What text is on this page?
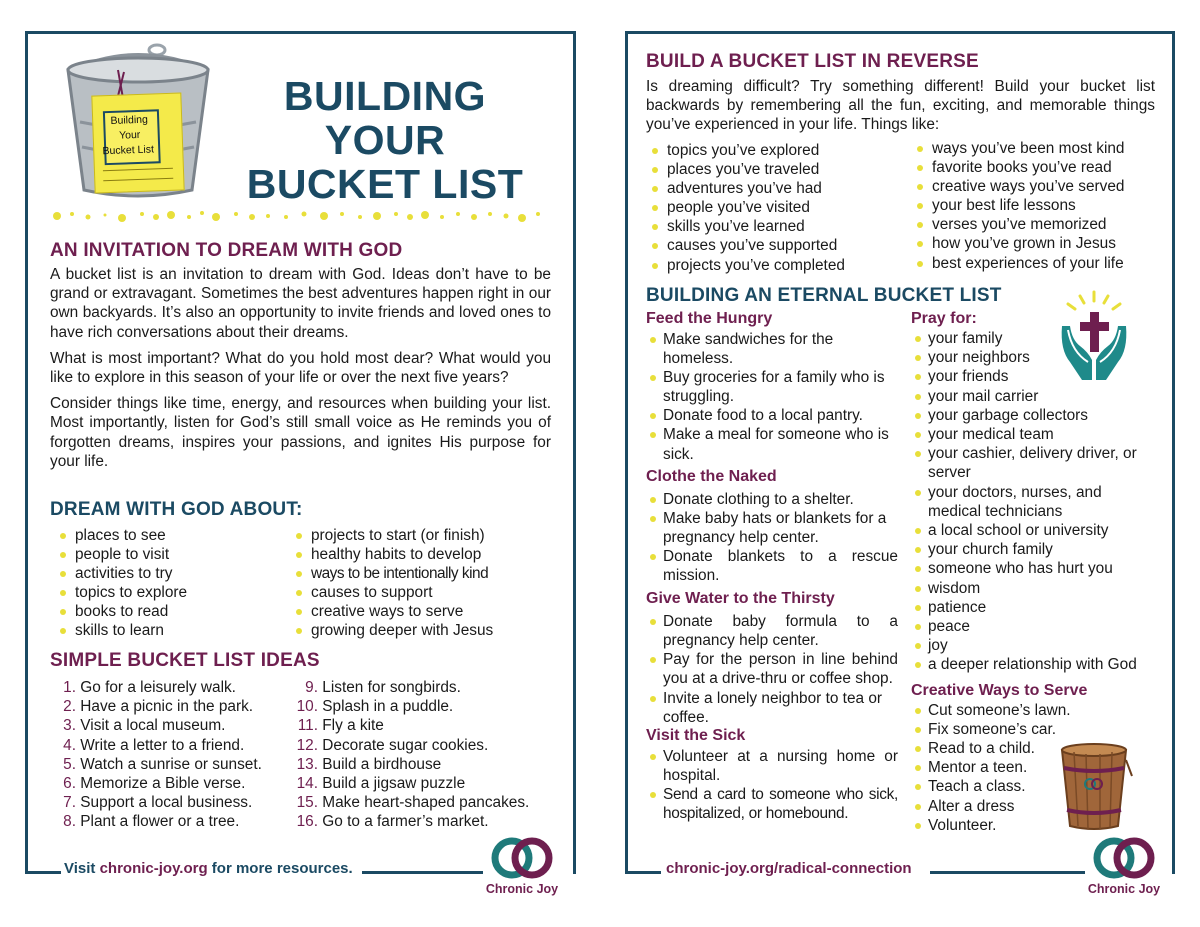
Building
Your
Bucket List
BUILDING YOUR
BUCKET LIST
AN INVITATION TO DREAM WITH GOD

A bucket list is an invitation to dream with God. Ideas don’t have to be grand or extravagant. Sometimes the best adventures happen right in our own backyards. It’s also an opportunity to invite friends and loved ones to have rich conversations about their dreams.

What is most important? What do you hold most dear? What would you like to explore in this season of your life or over the next five years?

Consider things like time, energy, and resources when building your list. Most importantly, listen for God’s still small voice as He reminds you of forgotten dreams, inspires your passions, and ignites His purpose for your life.

DREAM WITH GOD ABOUT:
places to see
people to visit
activities to try
topics to explore
books to read
skills to learn
projects to start (or finish)
healthy habits to develop
ways to be intentionally kind
causes to support
creative ways to serve
growing deeper with Jesus
SIMPLE BUCKET LIST IDEAS
1. Go for a leisurely walk.
2. Have a picnic in the park.
3. Visit a local museum.
4. Write a letter to a friend.
5. Watch a sunrise or sunset.
6. Memorize a Bible verse.
7. Support a local business.
8. Plant a flower or a tree.
9. Listen for songbirds.
10. Splash in a puddle.
11. Fly a kite
12. Decorate sugar cookies.
13. Build a birdhouse
14. Build a jigsaw puzzle
15. Make heart-shaped pancakes.
16. Go to a farmer’s market.
Visit chronic-joy.org for more resources.
Chronic Joy
BUILD A BUCKET LIST IN REVERSE

Is dreaming difficult? Try something different! Build your bucket list backwards by remembering all the fun, exciting, and memorable things you’ve experienced in your life. Things like:

topics you’ve explored
places you’ve traveled
adventures you’ve had
people you’ve visited
skills you’ve learned
causes you’ve supported
projects you’ve completed
ways you’ve been most kind
favorite books you’ve read
creative ways you’ve served
your best life lessons
verses you’ve memorized
how you’ve grown in Jesus
best experiences of your life
BUILDING AN ETERNAL BUCKET LIST
Feed the Hungry
Make sandwiches for the homeless.
Buy groceries for a family who is struggling.
Donate food to a local pantry.
Make a meal for someone who is sick.
Clothe the Naked
Donate clothing to a shelter.
Make baby hats or blankets for a pregnancy help center.
Donate blankets to a rescue mission.
Give Water to the Thirsty
Donate baby formula to a pregnancy help center.
Pay for the person in line behind you at a drive-thru or coffee shop.
Invite a lonely neighbor to tea or coffee.
Visit the Sick
Volunteer at a nursing home or hospital.
Send a card to someone who sick, hospitalized, or homebound.
Pray for:
your family
your neighbors
your friends
your mail carrier
your garbage collectors
your medical team
your cashier, delivery driver, or server
your doctors, nurses, and medical technicians
a local school or university
your church family
someone who has hurt you
wisdom
patience
peace
joy
a deeper relationship with God
Creative Ways to Serve
Cut someone’s lawn.
Fix someone’s car.
Read to a child.
Mentor a teen.
Teach a class.
Alter a dress
Volunteer.
chronic-joy.org/radical-connection
Chronic Joy
